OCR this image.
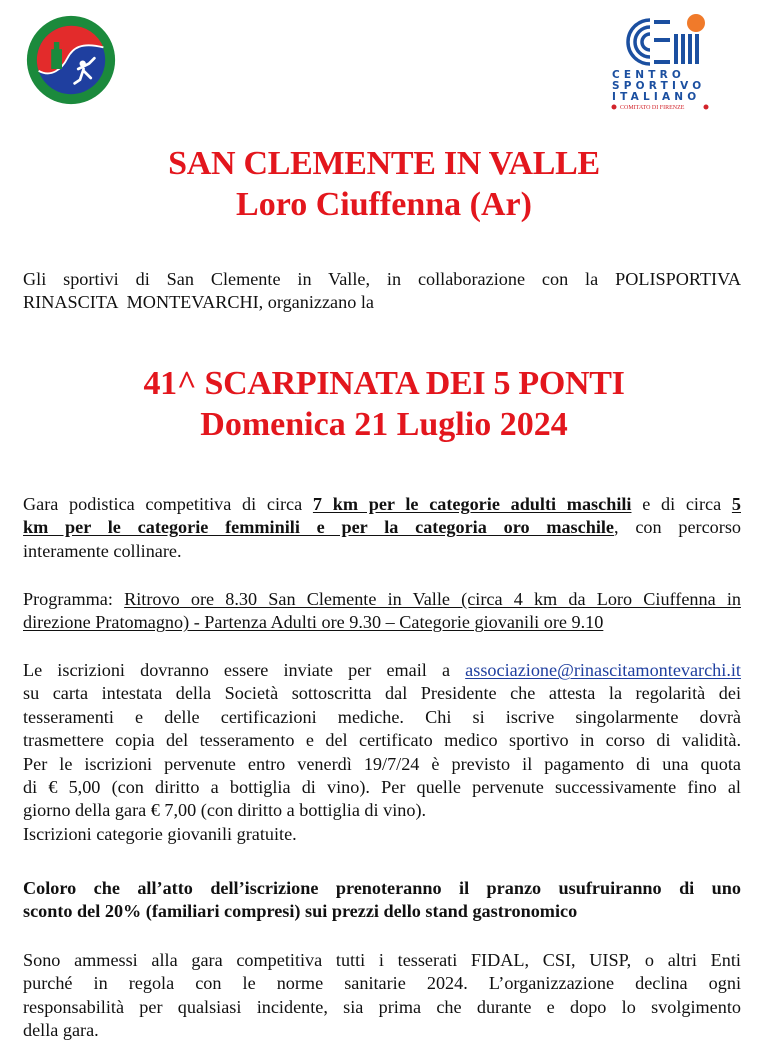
CENTRO
SPORTIVO
ITALIANO
COMITATO DI FIRENZE
SAN CLEMENTE IN VALLE
Loro Ciuffenna (Ar)
Gli sportivi di San Clemente in Valle, in collaborazione con la POLISPORTIVA
RINASCITA  MONTEVARCHI, organizzano la
41^ SCARPINATA DEI 5 PONTI
Domenica 21 Luglio 2024
Gara podistica competitiva di circa 7 km per le categorie adulti maschili e di circa 5
km per le categorie femminili e per la categoria oro maschile, con percorso
interamente collinare.
Programma: Ritrovo ore 8.30 San Clemente in Valle (circa 4 km da Loro Ciuffenna in
direzione Pratomagno) - Partenza Adulti ore 9.30 – Categorie giovanili ore 9.10
Le iscrizioni dovranno essere inviate per email a associazione@rinascitamontevarchi.it
su carta intestata della Società sottoscritta dal Presidente che attesta la regolarità dei
tesseramenti e delle certificazioni mediche. Chi si iscrive singolarmente dovrà
trasmettere copia del tesseramento e del certificato medico sportivo in corso di validità.
Per le iscrizioni pervenute entro venerdì 19/7/24 è previsto il pagamento di una quota
di € 5,00 (con diritto a bottiglia di vino). Per quelle pervenute successivamente fino al
giorno della gara € 7,00 (con diritto a bottiglia di vino).
Iscrizioni categorie giovanili gratuite.
Coloro che all’atto dell’iscrizione prenoteranno il pranzo usufruiranno di uno
sconto del 20% (familiari compresi) sui prezzi dello stand gastronomico
Sono ammessi alla gara competitiva tutti i tesserati FIDAL, CSI, UISP, o altri Enti
purché in regola con le norme sanitarie 2024. L’organizzazione declina ogni
responsabilità per qualsiasi incidente, sia prima che durante e dopo lo svolgimento
della gara.
